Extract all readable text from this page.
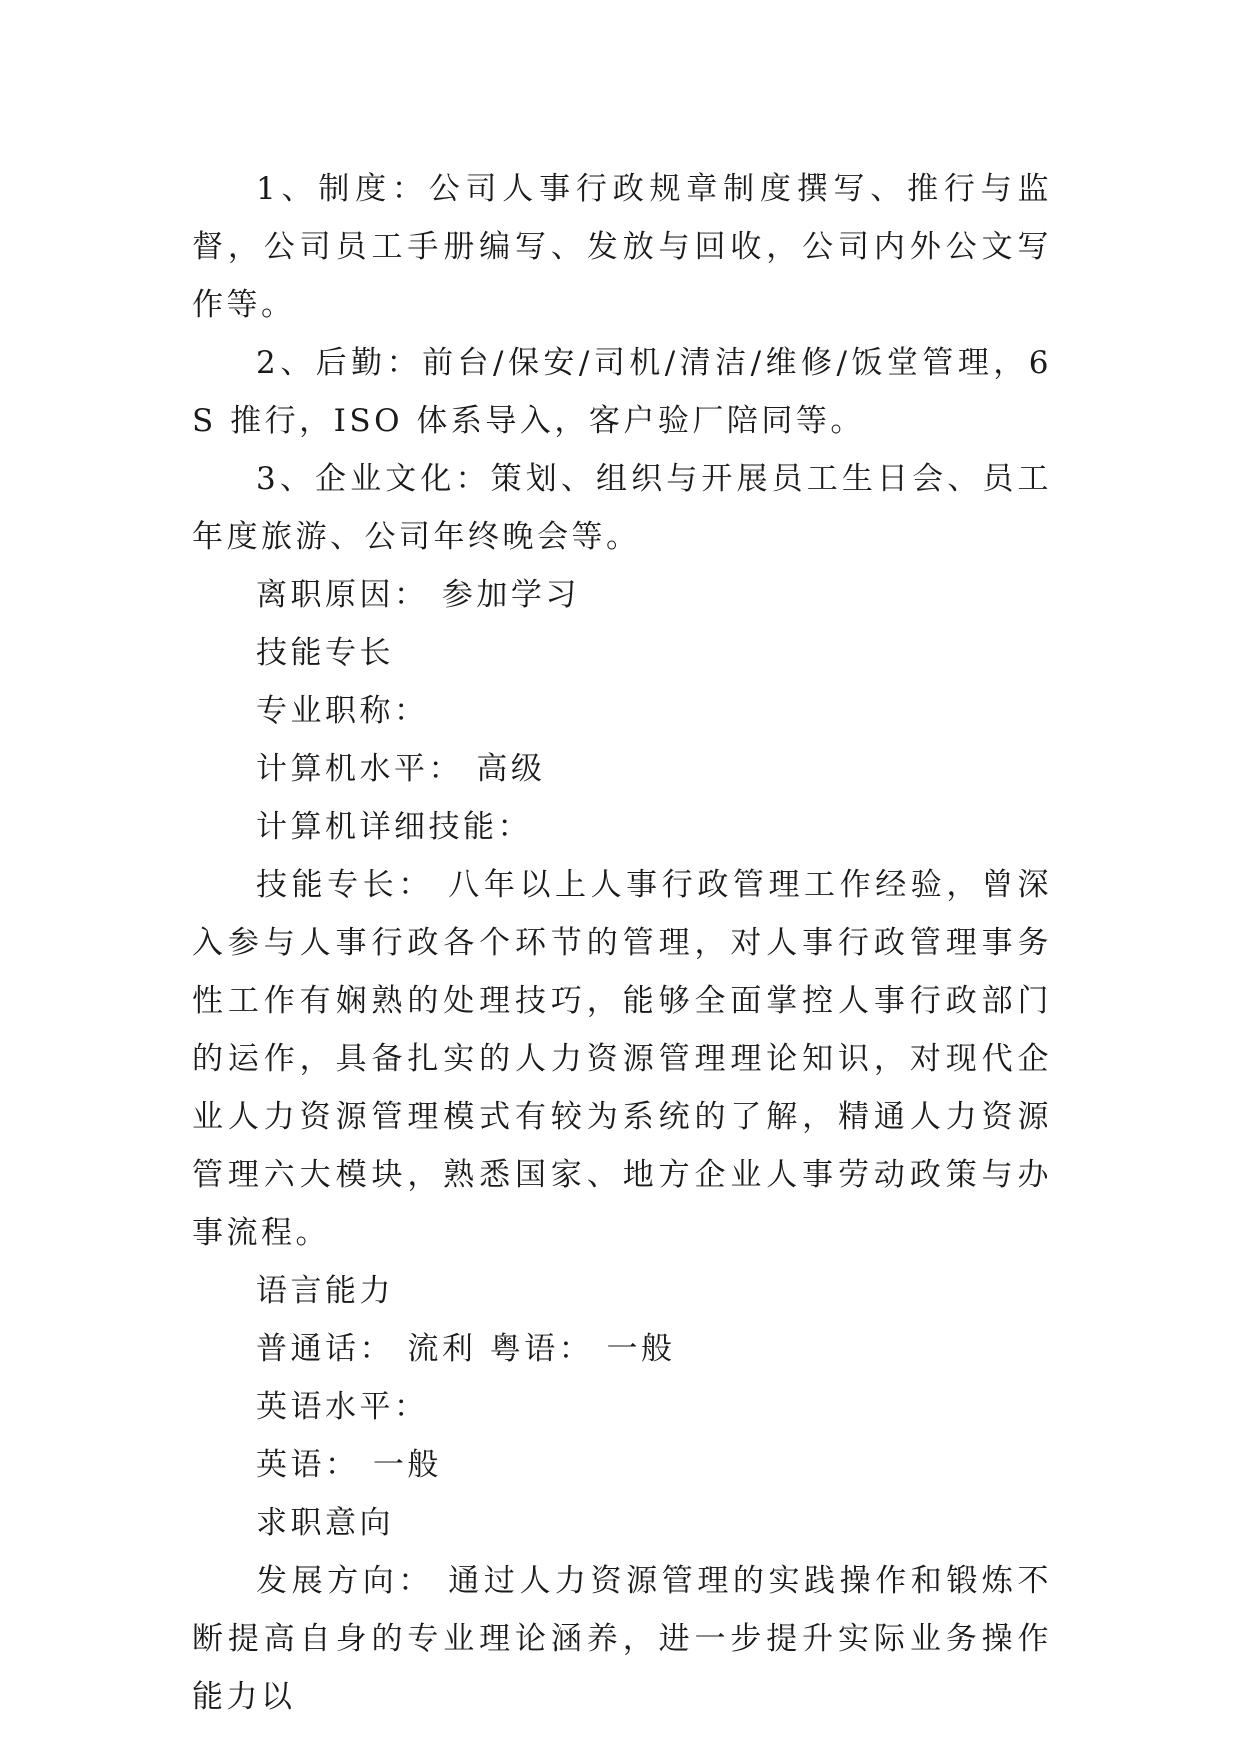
1、制度：公司人事行政规章制度撰写、推行与监督，公司员工手册编写、发放与回收，公司内外公文写作等。

2、后勤：前台/保安/司机/清洁/维修/饭堂管理，6S 推行，ISO 体系导入，客户验厂陪同等。

3、企业文化：策划、组织与开展员工生日会、员工年度旅游、公司年终晚会等。

离职原因： 参加学习

技能专长

专业职称：

计算机水平： 高级

计算机详细技能：

技能专长： 八年以上人事行政管理工作经验，曾深入参与人事行政各个环节的管理，对人事行政管理事务性工作有娴熟的处理技巧，能够全面掌控人事行政部门的运作，具备扎实的人力资源管理理论知识，对现代企业人力资源管理模式有较为系统的了解，精通人力资源管理六大模块，熟悉国家、地方企业人事劳动政策与办事流程。

语言能力

普通话： 流利 粤语： 一般

英语水平：

英语： 一般

求职意向

发展方向： 通过人力资源管理的实践操作和锻炼不断提高自身的专业理论涵养，进一步提升实际业务操作能力以
